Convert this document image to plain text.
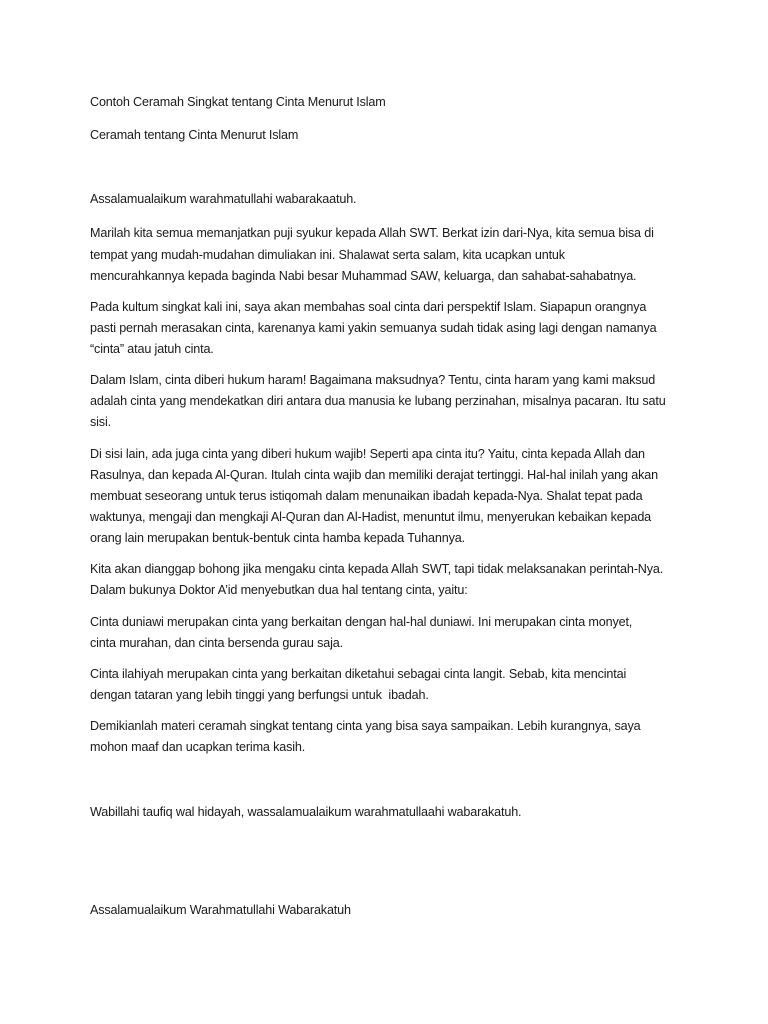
Contoh Ceramah Singkat tentang Cinta Menurut Islam

Ceramah tentang Cinta Menurut Islam

Assalamualaikum warahmatullahi wabarakaatuh.

Marilah kita semua memanjatkan puji syukur kepada Allah SWT. Berkat izin dari-Nya, kita semua bisa di

tempat yang mudah-mudahan dimuliakan ini. Shalawat serta salam, kita ucapkan untuk

mencurahkannya kepada baginda Nabi besar Muhammad SAW, keluarga, dan sahabat-sahabatnya.

Pada kultum singkat kali ini, saya akan membahas soal cinta dari perspektif Islam. Siapapun orangnya

pasti pernah merasakan cinta, karenanya kami yakin semuanya sudah tidak asing lagi dengan namanya

“cinta” atau jatuh cinta.

Dalam Islam, cinta diberi hukum haram! Bagaimana maksudnya? Tentu, cinta haram yang kami maksud

adalah cinta yang mendekatkan diri antara dua manusia ke lubang perzinahan, misalnya pacaran. Itu satu

sisi.

Di sisi lain, ada juga cinta yang diberi hukum wajib! Seperti apa cinta itu? Yaitu, cinta kepada Allah dan

Rasulnya, dan kepada Al-Quran. Itulah cinta wajib dan memiliki derajat tertinggi. Hal-hal inilah yang akan

membuat seseorang untuk terus istiqomah dalam menunaikan ibadah kepada-Nya. Shalat tepat pada

waktunya, mengaji dan mengkaji Al-Quran dan Al-Hadist, menuntut ilmu, menyerukan kebaikan kepada

orang lain merupakan bentuk-bentuk cinta hamba kepada Tuhannya.

Kita akan dianggap bohong jika mengaku cinta kepada Allah SWT, tapi tidak melaksanakan perintah-Nya.

Dalam bukunya Doktor A’id menyebutkan dua hal tentang cinta, yaitu:

Cinta duniawi merupakan cinta yang berkaitan dengan hal-hal duniawi. Ini merupakan cinta monyet,

cinta murahan, dan cinta bersenda gurau saja.

Cinta ilahiyah merupakan cinta yang berkaitan diketahui sebagai cinta langit. Sebab, kita mencintai

dengan tataran yang lebih tinggi yang berfungsi untuk  ibadah.

Demikianlah materi ceramah singkat tentang cinta yang bisa saya sampaikan. Lebih kurangnya, saya

mohon maaf dan ucapkan terima kasih.

Wabillahi taufiq wal hidayah, wassalamualaikum warahmatullaahi wabarakatuh.

Assalamualaikum Warahmatullahi Wabarakatuh
